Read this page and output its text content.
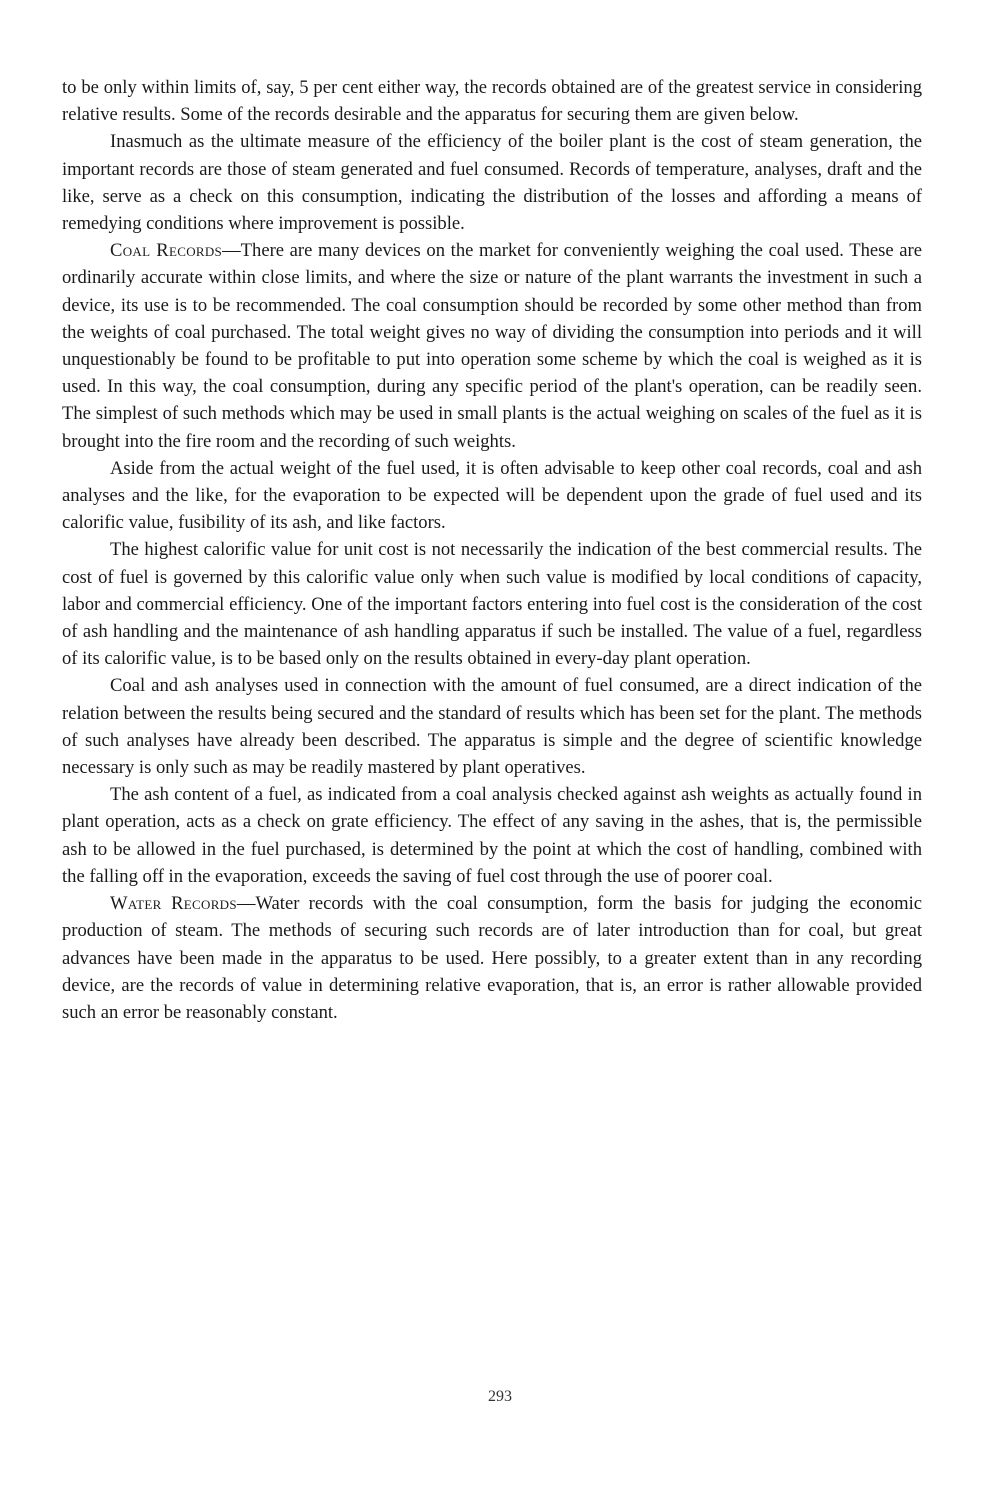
to be only within limits of, say, 5 per cent either way, the records obtained are of the greatest service in considering relative results. Some of the records desirable and the apparatus for securing them are given below.

Inasmuch as the ultimate measure of the efficiency of the boiler plant is the cost of steam generation, the important records are those of steam generated and fuel consumed. Records of temperature, analyses, draft and the like, serve as a check on this consumption, indicating the distribution of the losses and affording a means of remedying conditions where improvement is possible.

Coal Records—There are many devices on the market for conveniently weighing the coal used. These are ordinarily accurate within close limits, and where the size or nature of the plant warrants the investment in such a device, its use is to be recommended. The coal consumption should be recorded by some other method than from the weights of coal purchased. The total weight gives no way of dividing the consumption into periods and it will unquestionably be found to be profitable to put into operation some scheme by which the coal is weighed as it is used. In this way, the coal consumption, during any specific period of the plant's operation, can be readily seen. The simplest of such methods which may be used in small plants is the actual weighing on scales of the fuel as it is brought into the fire room and the recording of such weights.

Aside from the actual weight of the fuel used, it is often advisable to keep other coal records, coal and ash analyses and the like, for the evaporation to be expected will be dependent upon the grade of fuel used and its calorific value, fusibility of its ash, and like factors.

The highest calorific value for unit cost is not necessarily the indication of the best commercial results. The cost of fuel is governed by this calorific value only when such value is modified by local conditions of capacity, labor and commercial efficiency. One of the important factors entering into fuel cost is the consideration of the cost of ash handling and the maintenance of ash handling apparatus if such be installed. The value of a fuel, regardless of its calorific value, is to be based only on the results obtained in every-day plant operation.

Coal and ash analyses used in connection with the amount of fuel consumed, are a direct indication of the relation between the results being secured and the standard of results which has been set for the plant. The methods of such analyses have already been described. The apparatus is simple and the degree of scientific knowledge necessary is only such as may be readily mastered by plant operatives.

The ash content of a fuel, as indicated from a coal analysis checked against ash weights as actually found in plant operation, acts as a check on grate efficiency. The effect of any saving in the ashes, that is, the permissible ash to be allowed in the fuel purchased, is determined by the point at which the cost of handling, combined with the falling off in the evaporation, exceeds the saving of fuel cost through the use of poorer coal.

Water Records—Water records with the coal consumption, form the basis for judging the economic production of steam. The methods of securing such records are of later introduction than for coal, but great advances have been made in the apparatus to be used. Here possibly, to a greater extent than in any recording device, are the records of value in determining relative evaporation, that is, an error is rather allowable provided such an error be reasonably constant.

293
